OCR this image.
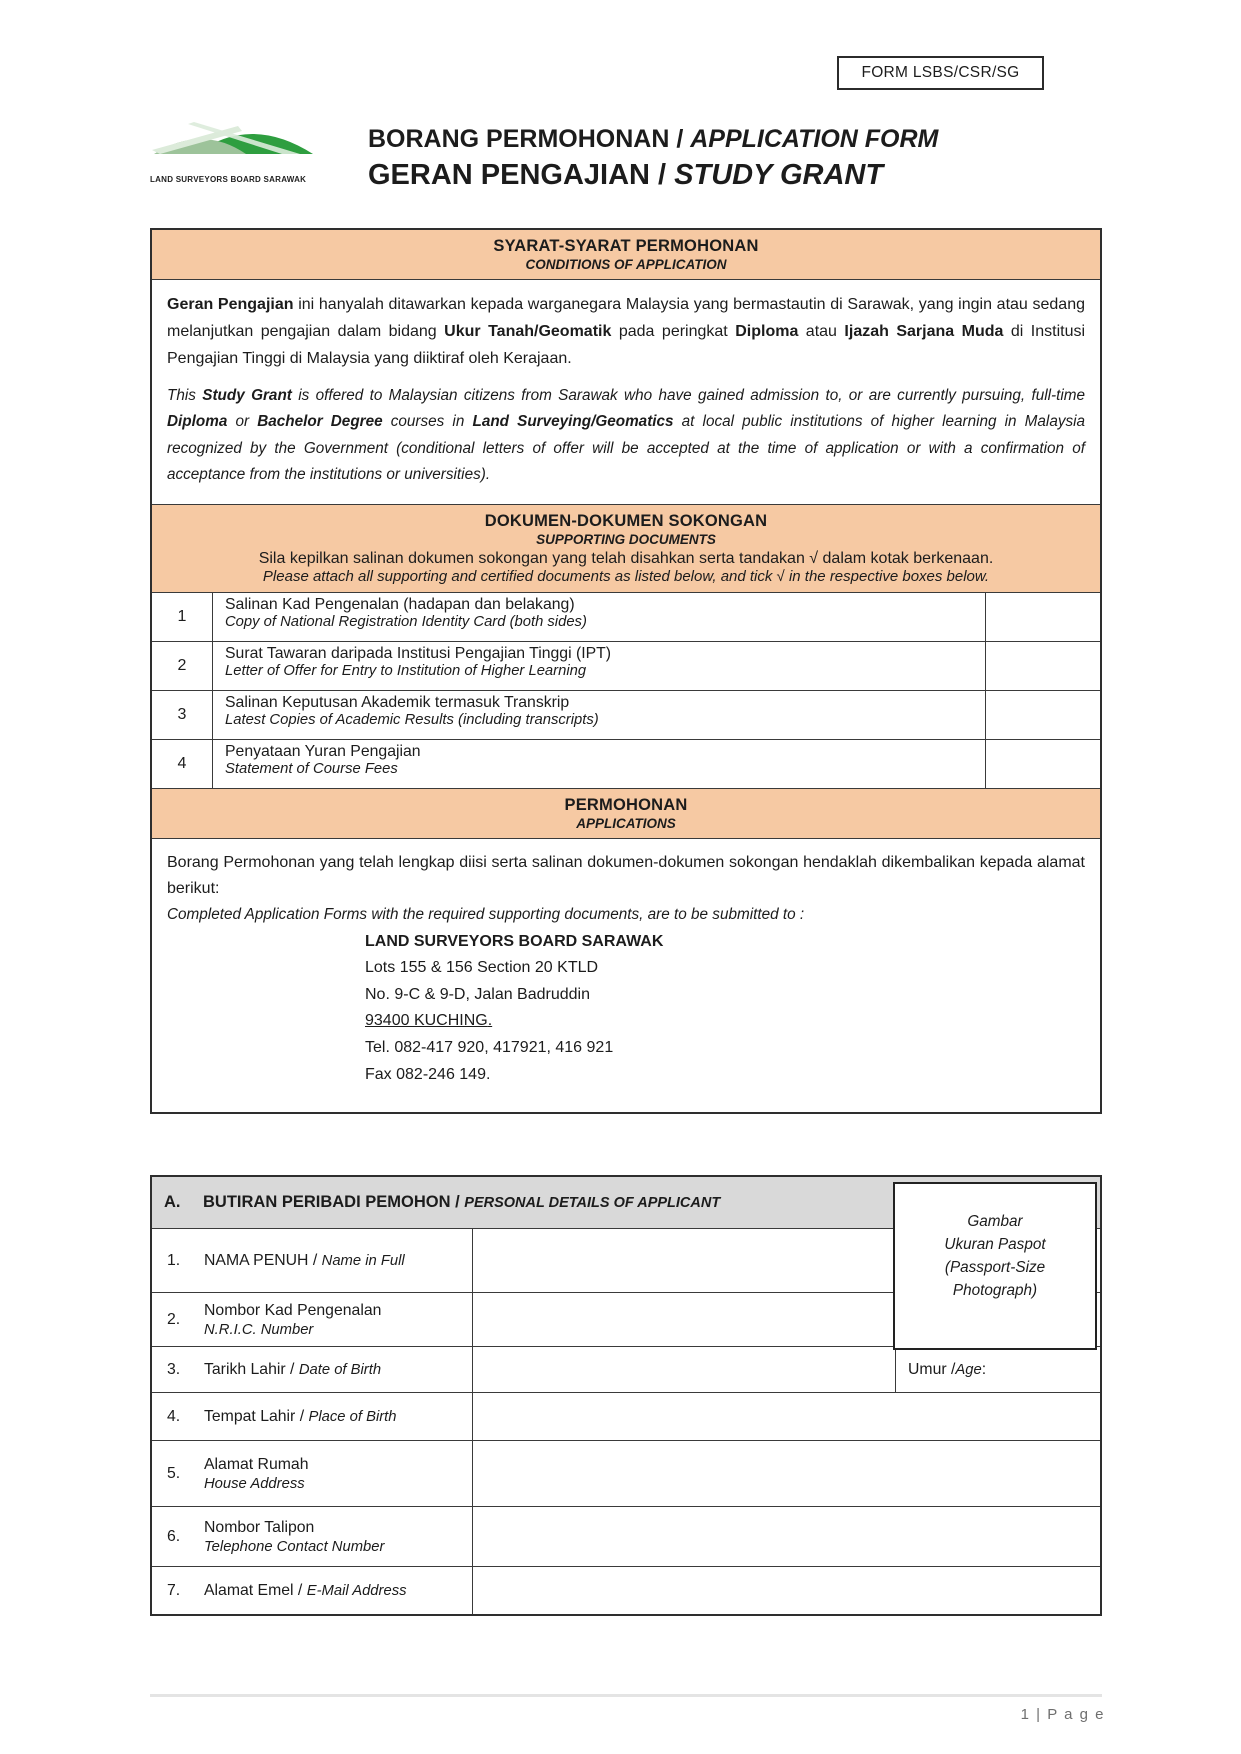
FORM LSBS/CSR/SG
LAND SURVEYORS BOARD SARAWAK
BORANG PERMOHONAN / APPLICATION FORM
GERAN PENGAJIAN / STUDY GRANT
SYARAT-SYARAT PERMOHONAN
CONDITIONS OF APPLICATION

Geran Pengajian ini hanyalah ditawarkan kepada warganegara Malaysia yang bermastautin di Sarawak, yang ingin atau sedang melanjutkan pengajian dalam bidang Ukur Tanah/Geomatik pada peringkat Diploma atau Ijazah Sarjana Muda di Institusi Pengajian Tinggi di Malaysia yang diiktiraf oleh Kerajaan.

This Study Grant is offered to Malaysian citizens from Sarawak who have gained admission to, or are currently pursuing, full-time Diploma or Bachelor Degree courses in Land Surveying/Geomatics at local public institutions of higher learning in Malaysia recognized by the Government (conditional letters of offer will be accepted at the time of application or with a confirmation of acceptance from the institutions or universities).

DOKUMEN-DOKUMEN SOKONGAN
SUPPORTING DOCUMENTS
Sila kepilkan salinan dokumen sokongan yang telah disahkan serta tandakan √ dalam kotak berkenaan.
Please attach all supporting and certified documents as listed below, and tick √ in the respective boxes below.
1
Salinan Kad Pengenalan (hadapan dan belakang)
Copy of National Registration Identity Card (both sides)
2
Surat Tawaran daripada Institusi Pengajian Tinggi (IPT)
Letter of Offer for Entry to Institution of Higher Learning
3
Salinan Keputusan Akademik termasuk Transkrip
Latest Copies of Academic Results (including transcripts)
4
Penyataan Yuran Pengajian
Statement of Course Fees
PERMOHONAN
APPLICATIONS
Borang Permohonan yang telah lengkap diisi serta salinan dokumen-dokumen sokongan hendaklah dikembalikan kepada alamat berikut:
Completed Application Forms with the required supporting documents, are to be submitted to :
LAND SURVEYORS BOARD SARAWAK
Lots 155 & 156 Section 20 KTLD
No. 9-C & 9-D, Jalan Badruddin
93400 KUCHING.
Tel. 082-417 920, 417921, 416 921
Fax 082-246 149.
A.	BUTIRAN PERIBADI PEMOHON / PERSONAL DETAILS OF APPLICANT
1.	NAMA PENUH / Name in Full
2.
Nombor Kad Pengenalan
N.R.I.C. Number
3.	Tarikh Lahir / Date of Birth	Umur / Age :
4.	Tempat Lahir / Place of Birth
5.
Alamat Rumah
House Address
6.
Nombor Talipon
Telephone Contact Number
7.	Alamat Emel / E-Mail Address
Gambar
Ukuran Paspot
(Passport-Size
Photograph)
1 | P a g e
